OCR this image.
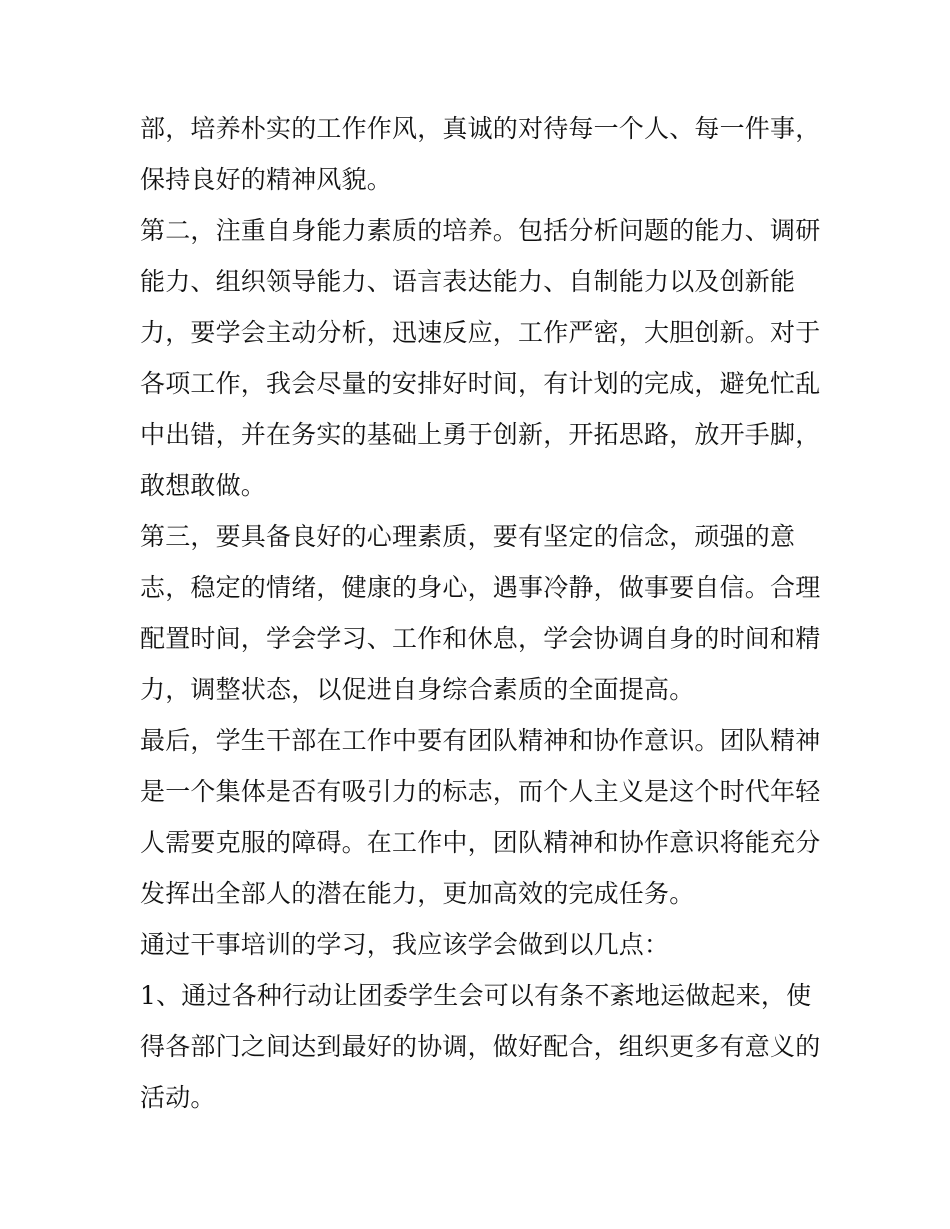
部，培养朴实的工作作风，真诚的对待每一个人、每一件事，
保持良好的精神风貌。
第二，注重自身能力素质的培养。包括分析问题的能力、调研
能力、组织领导能力、语言表达能力、自制能力以及创新能
力，要学会主动分析，迅速反应，工作严密，大胆创新。对于
各项工作，我会尽量的安排好时间，有计划的完成，避免忙乱
中出错，并在务实的基础上勇于创新，开拓思路，放开手脚，
敢想敢做。
第三，要具备良好的心理素质，要有坚定的信念，顽强的意
志，稳定的情绪，健康的身心，遇事冷静，做事要自信。合理
配置时间，学会学习、工作和休息，学会协调自身的时间和精
力，调整状态，以促进自身综合素质的全面提高。
最后，学生干部在工作中要有团队精神和协作意识。团队精神
是一个集体是否有吸引力的标志，而个人主义是这个时代年轻
人需要克服的障碍。在工作中，团队精神和协作意识将能充分
发挥出全部人的潜在能力，更加高效的完成任务。
通过干事培训的学习，我应该学会做到以几点：
1、通过各种行动让团委学生会可以有条不紊地运做起来，使
得各部门之间达到最好的协调，做好配合，组织更多有意义的
活动。
